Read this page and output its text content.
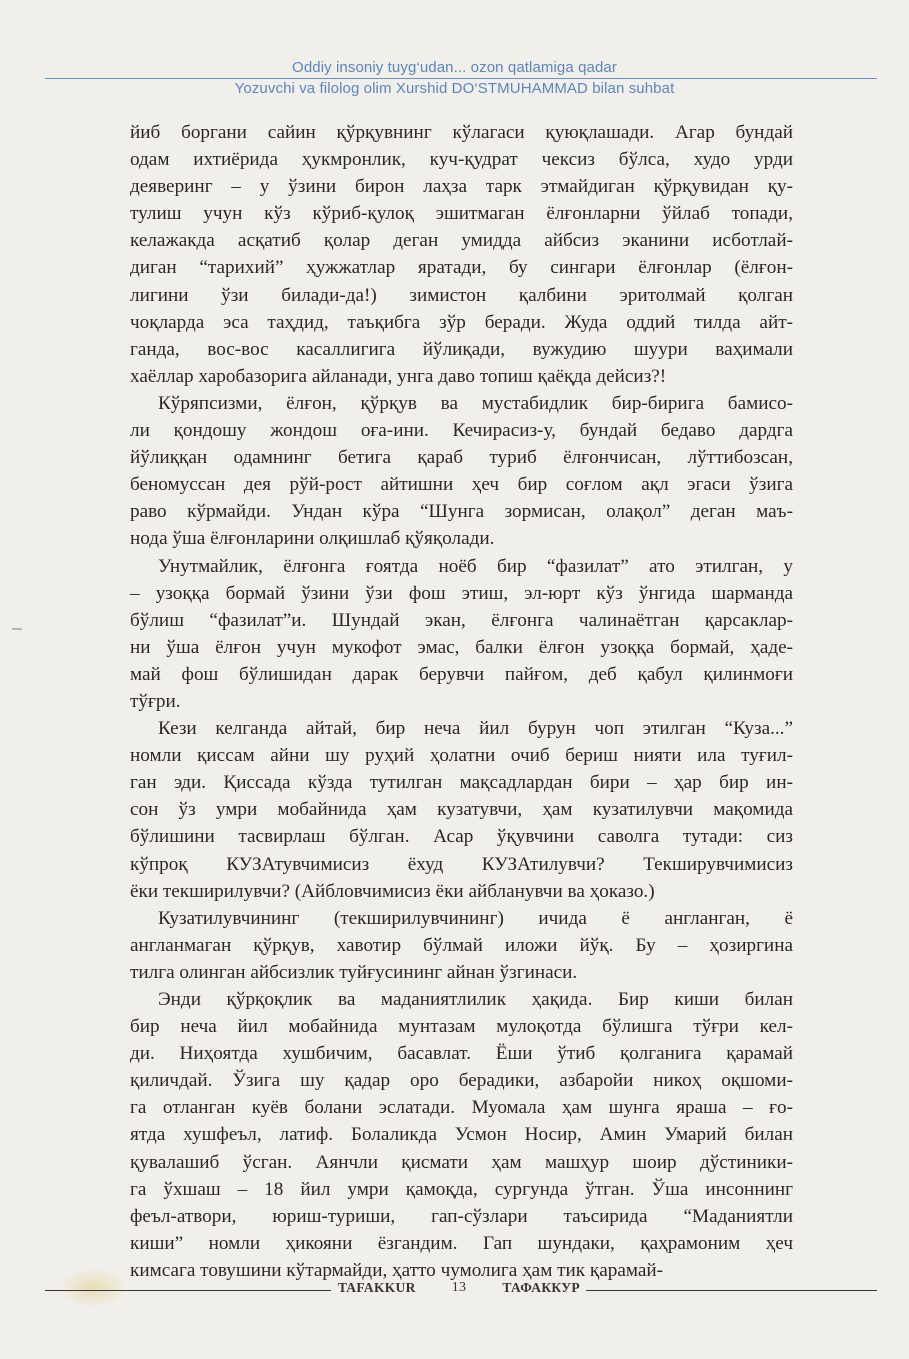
Oddiy insoniy tuyg‘udan... ozon qatlamiga qadar
Yozuvchi va filolog olim Xurshid DO‘STMUHAMMAD bilan suhbat
йиб боргани сайин қўрқувнинг кўлагаси қуюқлашади. Агар бундай
одам ихтиёрида ҳукмронлик, куч-қудрат чексиз бўлса, худо урди
деяверинг – у ўзини бирон лаҳза тарк этмайдиган қўрқувидан қу-
тулиш учун кўз кўриб-қулоқ эшитмаган ёлғонларни ўйлаб топади,
келажакда асқатиб қолар деган умидда айбсиз эканини исботлай-
диган “тарихий” ҳужжатлар яратади, бу сингари ёлғонлар (ёлғон-
лигини ўзи билади-да!) зимистон қалбини эритолмай қолган
чоқларда эса таҳдид, таъқибга зўр беради. Жуда оддий тилда айт-
ганда, вос-вос касаллигига йўлиқади, вужудию шуури ваҳимали
хаёллар харобазорига айланади, унга даво топиш қаёқда дейсиз?!
Кўряпсизми, ёлғон, қўрқув ва мустабидлик бир-бирига бамисо-
ли қондошу жондош оға-ини. Кечирасиз-у, бундай бедаво дардга
йўлиққан одамнинг бетига қараб туриб ёлғончисан, лўттибозсан,
беномуссан дея рўй-рост айтишни ҳеч бир соғлом ақл эгаси ўзига
раво кўрмайди. Ундан кўра “Шунга зормисан, олақол” деган маъ-
нода ўша ёлғонларини олқишлаб қўяқолади.
Унутмайлик, ёлғонга ғоятда ноёб бир “фазилат” ато этилган, у
– узоққа бормай ўзини ўзи фош этиш, эл-юрт кўз ўнгида шарманда
бўлиш “фазилат”и. Шундай экан, ёлғонга чалинаётган қарсаклар-
ни ўша ёлғон учун мукофот эмас, балки ёлғон узоққа бормай, ҳаде-
май фош бўлишидан дарак берувчи пайғом, деб қабул қилинмоғи
тўғри.
Кези келганда айтай, бир неча йил бурун чоп этилган “Куза...”
номли қиссам айни шу руҳий ҳолатни очиб бериш нияти ила туғил-
ган эди. Қиссада кўзда тутилган мақсадлардан бири – ҳар бир ин-
сон ўз умри мобайнида ҳам кузатувчи, ҳам кузатилувчи мақомида
бўлишини тасвирлаш бўлган. Асар ўқувчини саволга тутади: сиз
кўпроқ КУЗАтувчимисиз ёхуд КУЗАтилувчи? Текширувчимисиз
ёки текширилувчи? (Айбловчимисиз ёки айбланувчи ва ҳоказо.)
Кузатилувчининг (текширилувчининг) ичида ё англанган, ё
англанмаган қўрқув, хавотир бўлмай иложи йўқ. Бу – ҳозиргина
тилга олинган айбсизлик туйғусининг айнан ўзгинаси.
Энди қўрқоқлик ва маданиятлилик ҳақида. Бир киши билан
бир неча йил мобайнида мунтазам мулоқотда бўлишга тўғри кел-
ди. Ниҳоятда хушбичим, басавлат. Ёши ўтиб қолганига қарамай
қиличдай. Ўзига шу қадар оро берадики, азбаройи никоҳ оқшоми-
га отланган куёв болани эслатади. Муомала ҳам шунга яраша – ғо-
ятда хушфеъл, латиф. Болаликда Усмон Носир, Амин Умарий билан
қувалашиб ўсган. Аянчли қисмати ҳам машҳур шоир дўстиники-
га ўхшаш – 18 йил умри қамоқда, сургунда ўтган. Ўша инсоннинг
феъл-атвори, юриш-туриши, гап-сўзлари таъсирида “Маданиятли
киши” номли ҳикояни ёзгандим. Гап шундаки, қаҳрамоним ҳеч
кимсага товушини кўтармайди, ҳатто чумолига ҳам тик қарамай-
TAFAKKUR	13	ТАФАККУР
